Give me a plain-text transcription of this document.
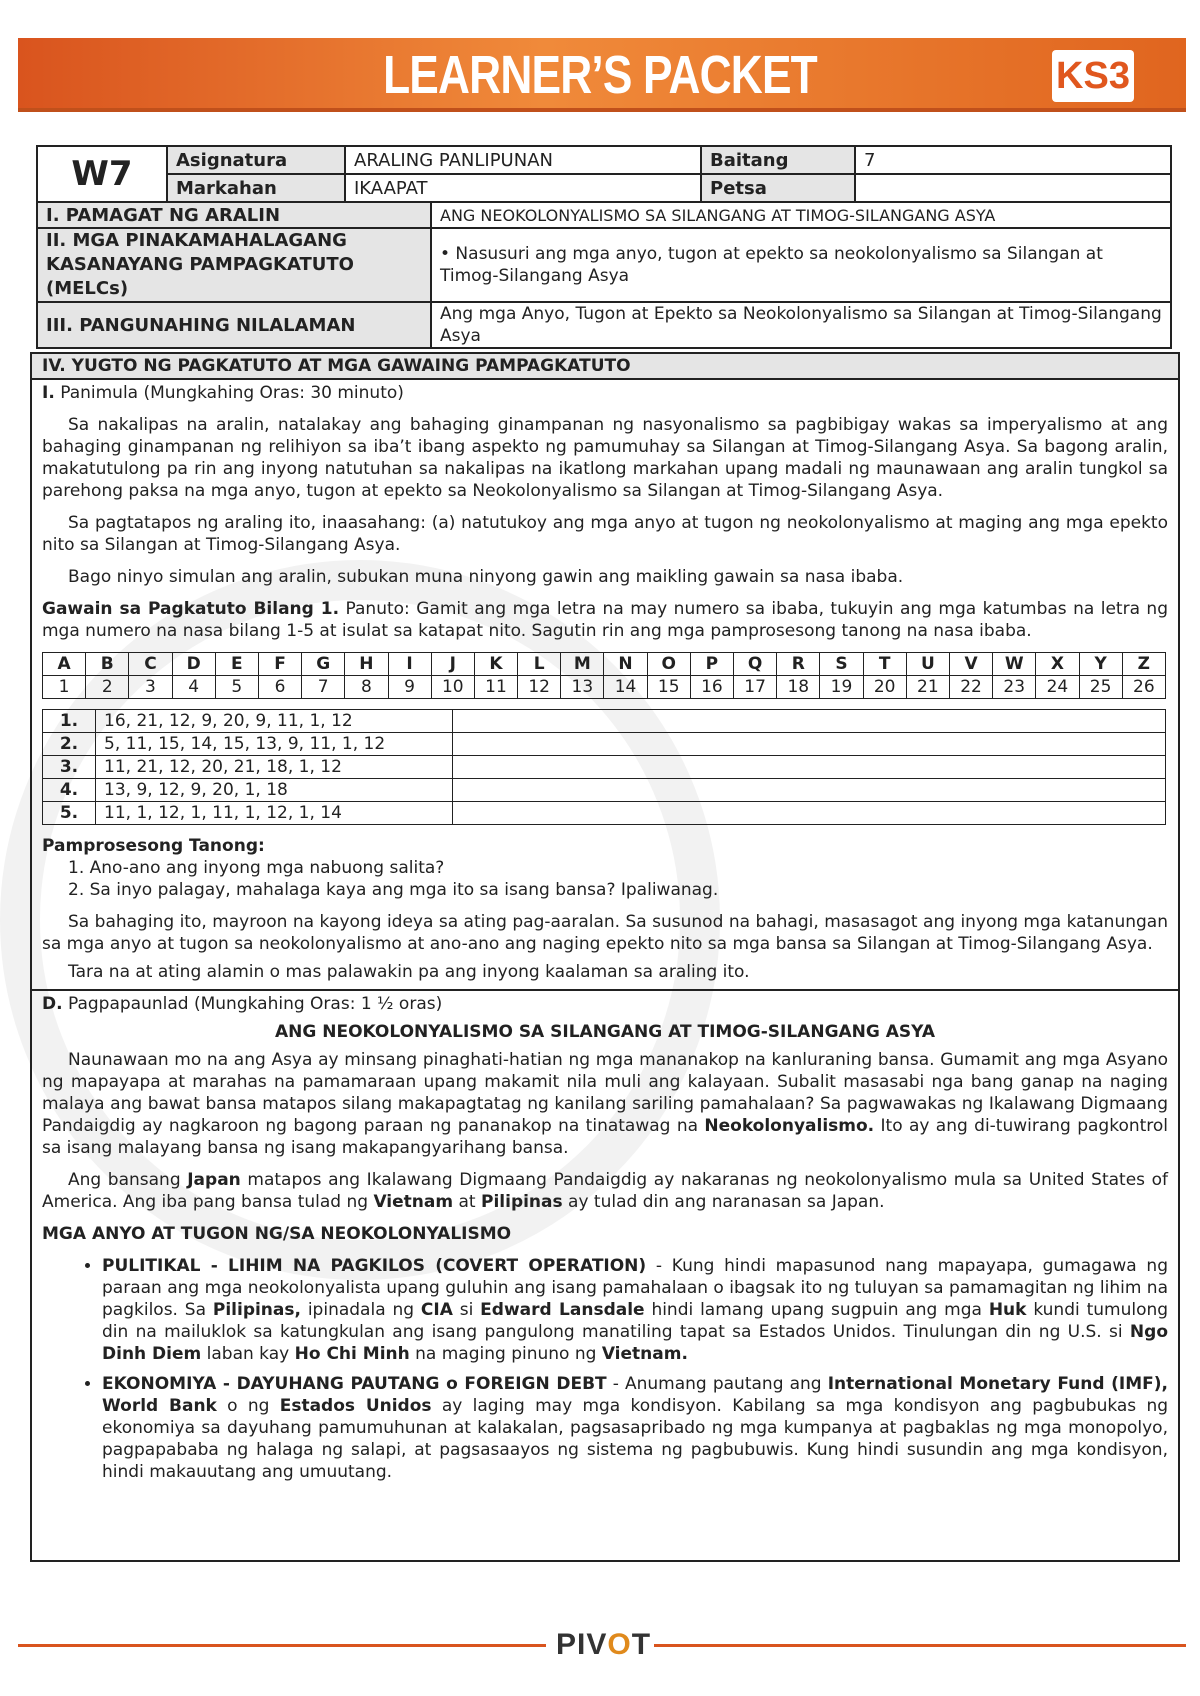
LEARNER’S PACKET (LeaP)
KS3
W7	Asignatura	ARALING PANLIPUNAN	Baitang	7
	Markahan	IKAAPAT	Petsa	
I. PAMAGAT NG ARALIN	ANG NEOKOLONYALISMO SA SILANGANG AT TIMOG-SILANGANG ASYA
II. MGA PINAKAMAHALAGANG KASANAYANG PAMPAGKATUTO (MELCs)	• Nasusuri ang mga anyo, tugon at epekto sa neokolonyalismo sa Silangan at Timog-Silangang Asya
III. PANGUNAHING NILALAMAN	Ang mga Anyo, Tugon at Epekto sa Neokolonyalismo sa Silangan at Timog-Silangang Asya
IV. YUGTO NG PAGKATUTO AT MGA GAWAING PAMPAGKATUTO
I. Panimula (Mungkahing Oras: 30 minuto)
Sa nakalipas na aralin, natalakay ang bahaging ginampanan ng nasyonalismo sa pagbibigay wakas sa imperyalismo at ang bahaging ginampanan ng relihiyon sa iba’t ibang aspekto ng pamumuhay sa Silangan at Timog-Silangang Asya. Sa bagong aralin, makatutulong pa rin ang inyong natutuhan sa nakalipas na ikatlong markahan upang madali ng maunawaan ang aralin tungkol sa parehong paksa na mga anyo, tugon at epekto sa Neokolonyalismo sa Silangan at Timog-Silangang Asya.
Sa pagtatapos ng araling ito, inaasahang: (a) natutukoy ang mga anyo at tugon ng neokolonyalismo at maging ang mga epekto nito sa Silangan at Timog-Silangang Asya.
Bago ninyo simulan ang aralin, subukan muna ninyong gawin ang maikling gawain sa nasa ibaba.
Gawain sa Pagkatuto Bilang 1. Panuto: Gamit ang mga letra na may numero sa ibaba, tukuyin ang mga katumbas na letra ng mga numero na nasa bilang 1-5 at isulat sa katapat nito. Sagutin rin ang mga pamprosesong tanong na nasa ibaba.
A	B	C	D	E	F	G	H	I	J	K	L	M	N	O	P	Q	R	S	T	U	V	W	X	Y	Z
1	2	3	4	5	6	7	8	9	10	11	12	13	14	15	16	17	18	19	20	21	22	23	24	25	26
1.	16, 21, 12, 9, 20, 9, 11, 1, 12	
2.	5, 11, 15, 14, 15, 13, 9, 11, 1, 12	
3.	11, 21, 12, 20, 21, 18, 1, 12	
4.	13, 9, 12, 9, 20, 1, 18	
5.	11, 1, 12, 1, 11, 1, 12, 1, 14	
Pamprosesong Tanong:
1. Ano-ano ang inyong mga nabuong salita?
2. Sa inyo palagay, mahalaga kaya ang mga ito sa isang bansa? Ipaliwanag.
Sa bahaging ito, mayroon na kayong ideya sa ating pag-aaralan. Sa susunod na bahagi, masasagot ang inyong mga katanungan sa mga anyo at tugon sa neokolonyalismo at ano-ano ang naging epekto nito sa mga bansa sa Silangan at Timog-Silangang Asya.
Tara na at ating alamin o mas palawakin pa ang inyong kaalaman sa araling ito.
D. Pagpapaunlad (Mungkahing Oras: 1 ½ oras)
ANG NEOKOLONYALISMO SA SILANGANG AT TIMOG-SILANGANG ASYA
Naunawaan mo na ang Asya ay minsang pinaghati-hatian ng mga mananakop na kanluraning bansa. Gumamit ang mga Asyano ng mapayapa at marahas na pamamaraan upang makamit nila muli ang kalayaan. Subalit masasabi nga bang ganap na naging malaya ang bawat bansa matapos silang makapagtatag ng kanilang sariling pamahalaan? Sa pagwawakas ng Ikalawang Digmaang Pandaigdig ay nagkaroon ng bagong paraan ng pananakop na tinatawag na Neokolonyalismo. Ito ay ang di-tuwirang pagkontrol sa isang malayang bansa ng isang makapangyarihang bansa.
Ang bansang Japan matapos ang Ikalawang Digmaang Pandaigdig ay nakaranas ng neokolonyalismo mula sa United States of America. Ang iba pang bansa tulad ng Vietnam at Pilipinas ay tulad din ang naranasan sa Japan.
MGA ANYO AT TUGON NG/SA NEOKOLONYALISMO
• PULITIKAL - LIHIM NA PAGKILOS (COVERT OPERATION) - Kung hindi mapasunod nang mapayapa, gumagawa ng paraan ang mga neokolonyalista upang guluhin ang isang pamahalaan o ibagsak ito ng tuluyan sa pamamagitan ng lihim na pagkilos. Sa Pilipinas, ipinadala ng CIA si Edward Lansdale hindi lamang upang sugpuin ang mga Huk kundi tumulong din na mailuklok sa katungkulan ang isang pangulong manatiling tapat sa Estados Unidos. Tinulungan din ng U.S. si Ngo Dinh Diem laban kay Ho Chi Minh na maging pinuno ng Vietnam.
• EKONOMIYA - DAYUHANG PAUTANG o FOREIGN DEBT - Anumang pautang ang International Monetary Fund (IMF), World Bank o ng Estados Unidos ay laging may mga kondisyon. Kabilang sa mga kondisyon ang pagbubukas ng ekonomiya sa dayuhang pamumuhunan at kalakalan, pagsasapribado ng mga kumpanya at pagbaklas ng mga monopolyo, pagpapababa ng halaga ng salapi, at pagsasaayos ng sistema ng pagbubuwis. Kung hindi susundin ang mga kondisyon, hindi makauutang ang umuutang.
PIVOT
